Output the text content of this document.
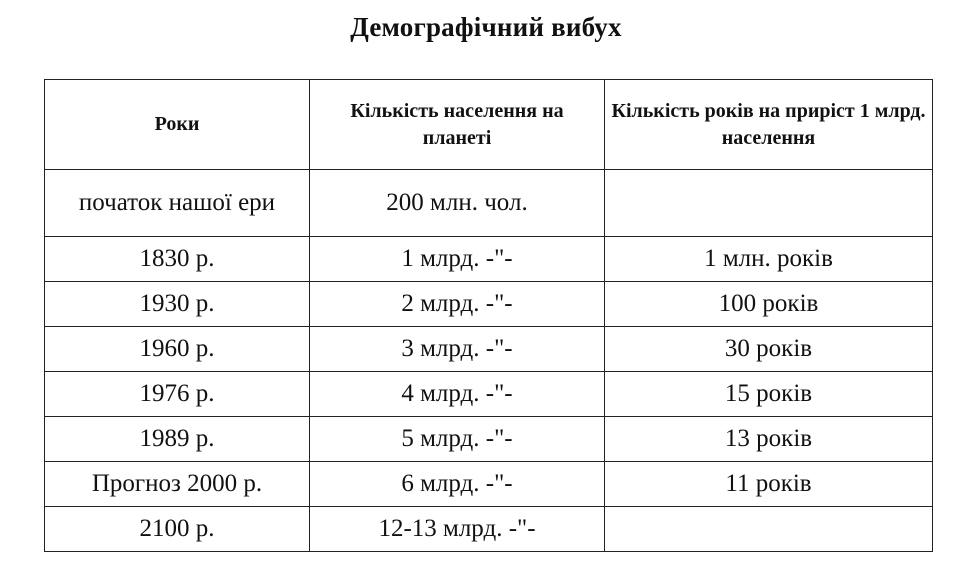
Демографічний вибух
Роки	Кількість населення на планеті	Кількість років на приріст 1 млрд. населення
початок нашої ери	200 млн. чол.	
1830 р.	1 млрд. -"-	1 млн. років
1930 р.	2 млрд. -"-	100 років
1960 р.	3 млрд. -"-	30 років
1976 р.	4 млрд. -"-	15 років
1989 р.	5 млрд. -"-	13 років
Прогноз 2000 р.	6 млрд. -"-	11 років
2100 р.	12-13 млрд. -"-	
